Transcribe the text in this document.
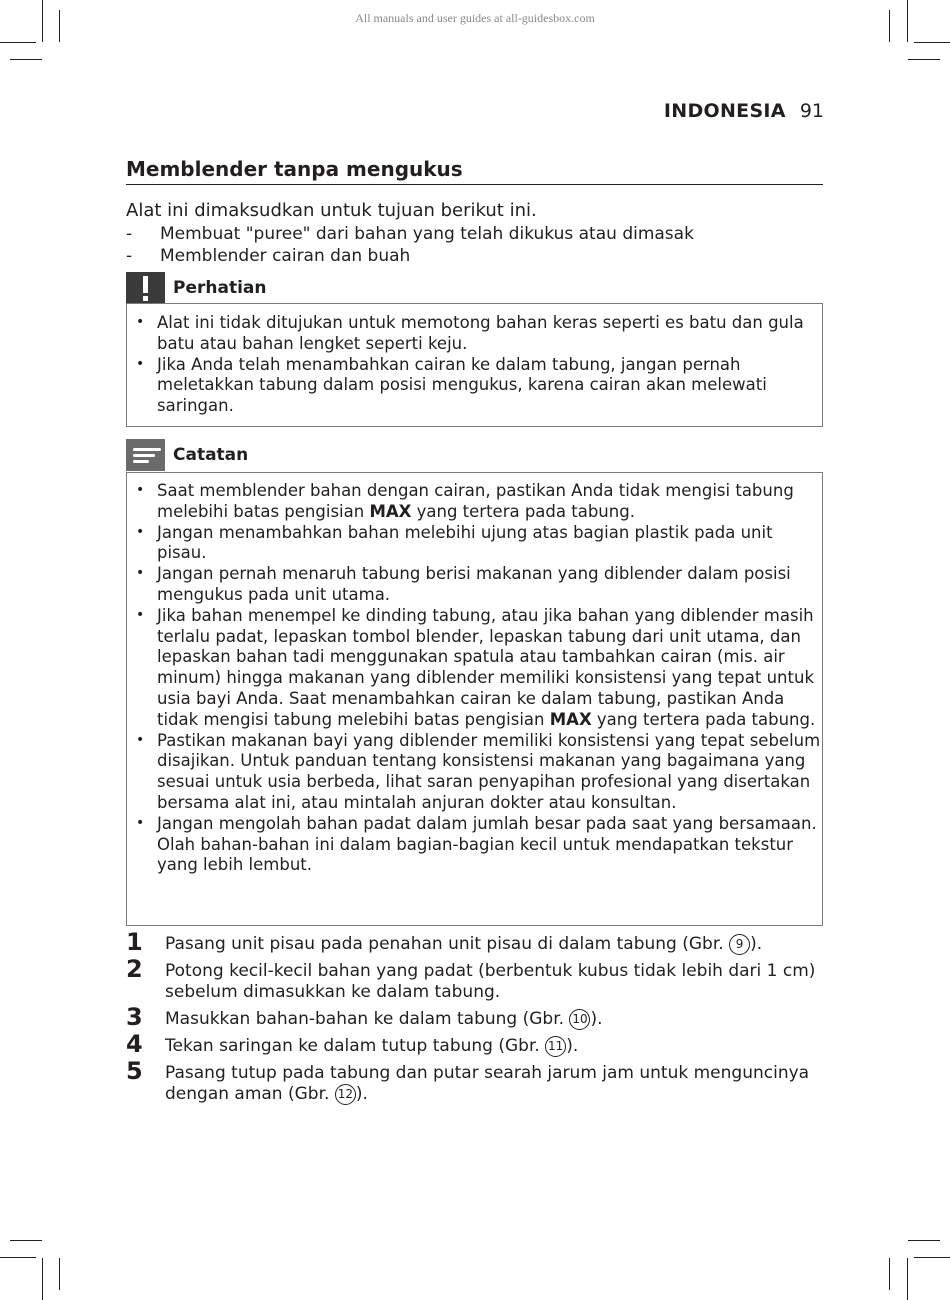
All manuals and user guides at all-guidesbox.com
INDONESIA 91
Memblender tanpa mengukus
Alat ini dimaksudkan untuk tujuan berikut ini.
- Membuat "puree" dari bahan yang telah dikukus atau dimasak
- Memblender cairan dan buah
Perhatian
• Alat ini tidak ditujukan untuk memotong bahan keras seperti es batu dan gula batu atau bahan lengket seperti keju.
• Jika Anda telah menambahkan cairan ke dalam tabung, jangan pernah meletakkan tabung dalam posisi mengukus, karena cairan akan melewati saringan.
Catatan
• Saat memblender bahan dengan cairan, pastikan Anda tidak mengisi tabung melebihi batas pengisian MAX yang tertera pada tabung.
• Jangan menambahkan bahan melebihi ujung atas bagian plastik pada unit pisau.
• Jangan pernah menaruh tabung berisi makanan yang diblender dalam posisi mengukus pada unit utama.
• Jika bahan menempel ke dinding tabung, atau jika bahan yang diblender masih terlalu padat, lepaskan tombol blender, lepaskan tabung dari unit utama, dan lepaskan bahan tadi menggunakan spatula atau tambahkan cairan (mis. air minum) hingga makanan yang diblender memiliki konsistensi yang tepat untuk usia bayi Anda. Saat menambahkan cairan ke dalam tabung, pastikan Anda tidak mengisi tabung melebihi batas pengisian MAX yang tertera pada tabung.
• Pastikan makanan bayi yang diblender memiliki konsistensi yang tepat sebelum disajikan. Untuk panduan tentang konsistensi makanan yang bagaimana yang sesuai untuk usia berbeda, lihat saran penyapihan profesional yang disertakan bersama alat ini, atau mintalah anjuran dokter atau konsultan.
• Jangan mengolah bahan padat dalam jumlah besar pada saat yang bersamaan. Olah bahan-bahan ini dalam bagian-bagian kecil untuk mendapatkan tekstur yang lebih lembut.
1 Pasang unit pisau pada penahan unit pisau di dalam tabung (Gbr. 9 ).
2 Potong kecil-kecil bahan yang padat (berbentuk kubus tidak lebih dari 1 cm) sebelum dimasukkan ke dalam tabung.
3 Masukkan bahan-bahan ke dalam tabung (Gbr. 10 ).
4 Tekan saringan ke dalam tutup tabung (Gbr. 11 ).
5 Pasang tutup pada tabung dan putar searah jarum jam untuk menguncinya dengan aman (Gbr. 12 ).
